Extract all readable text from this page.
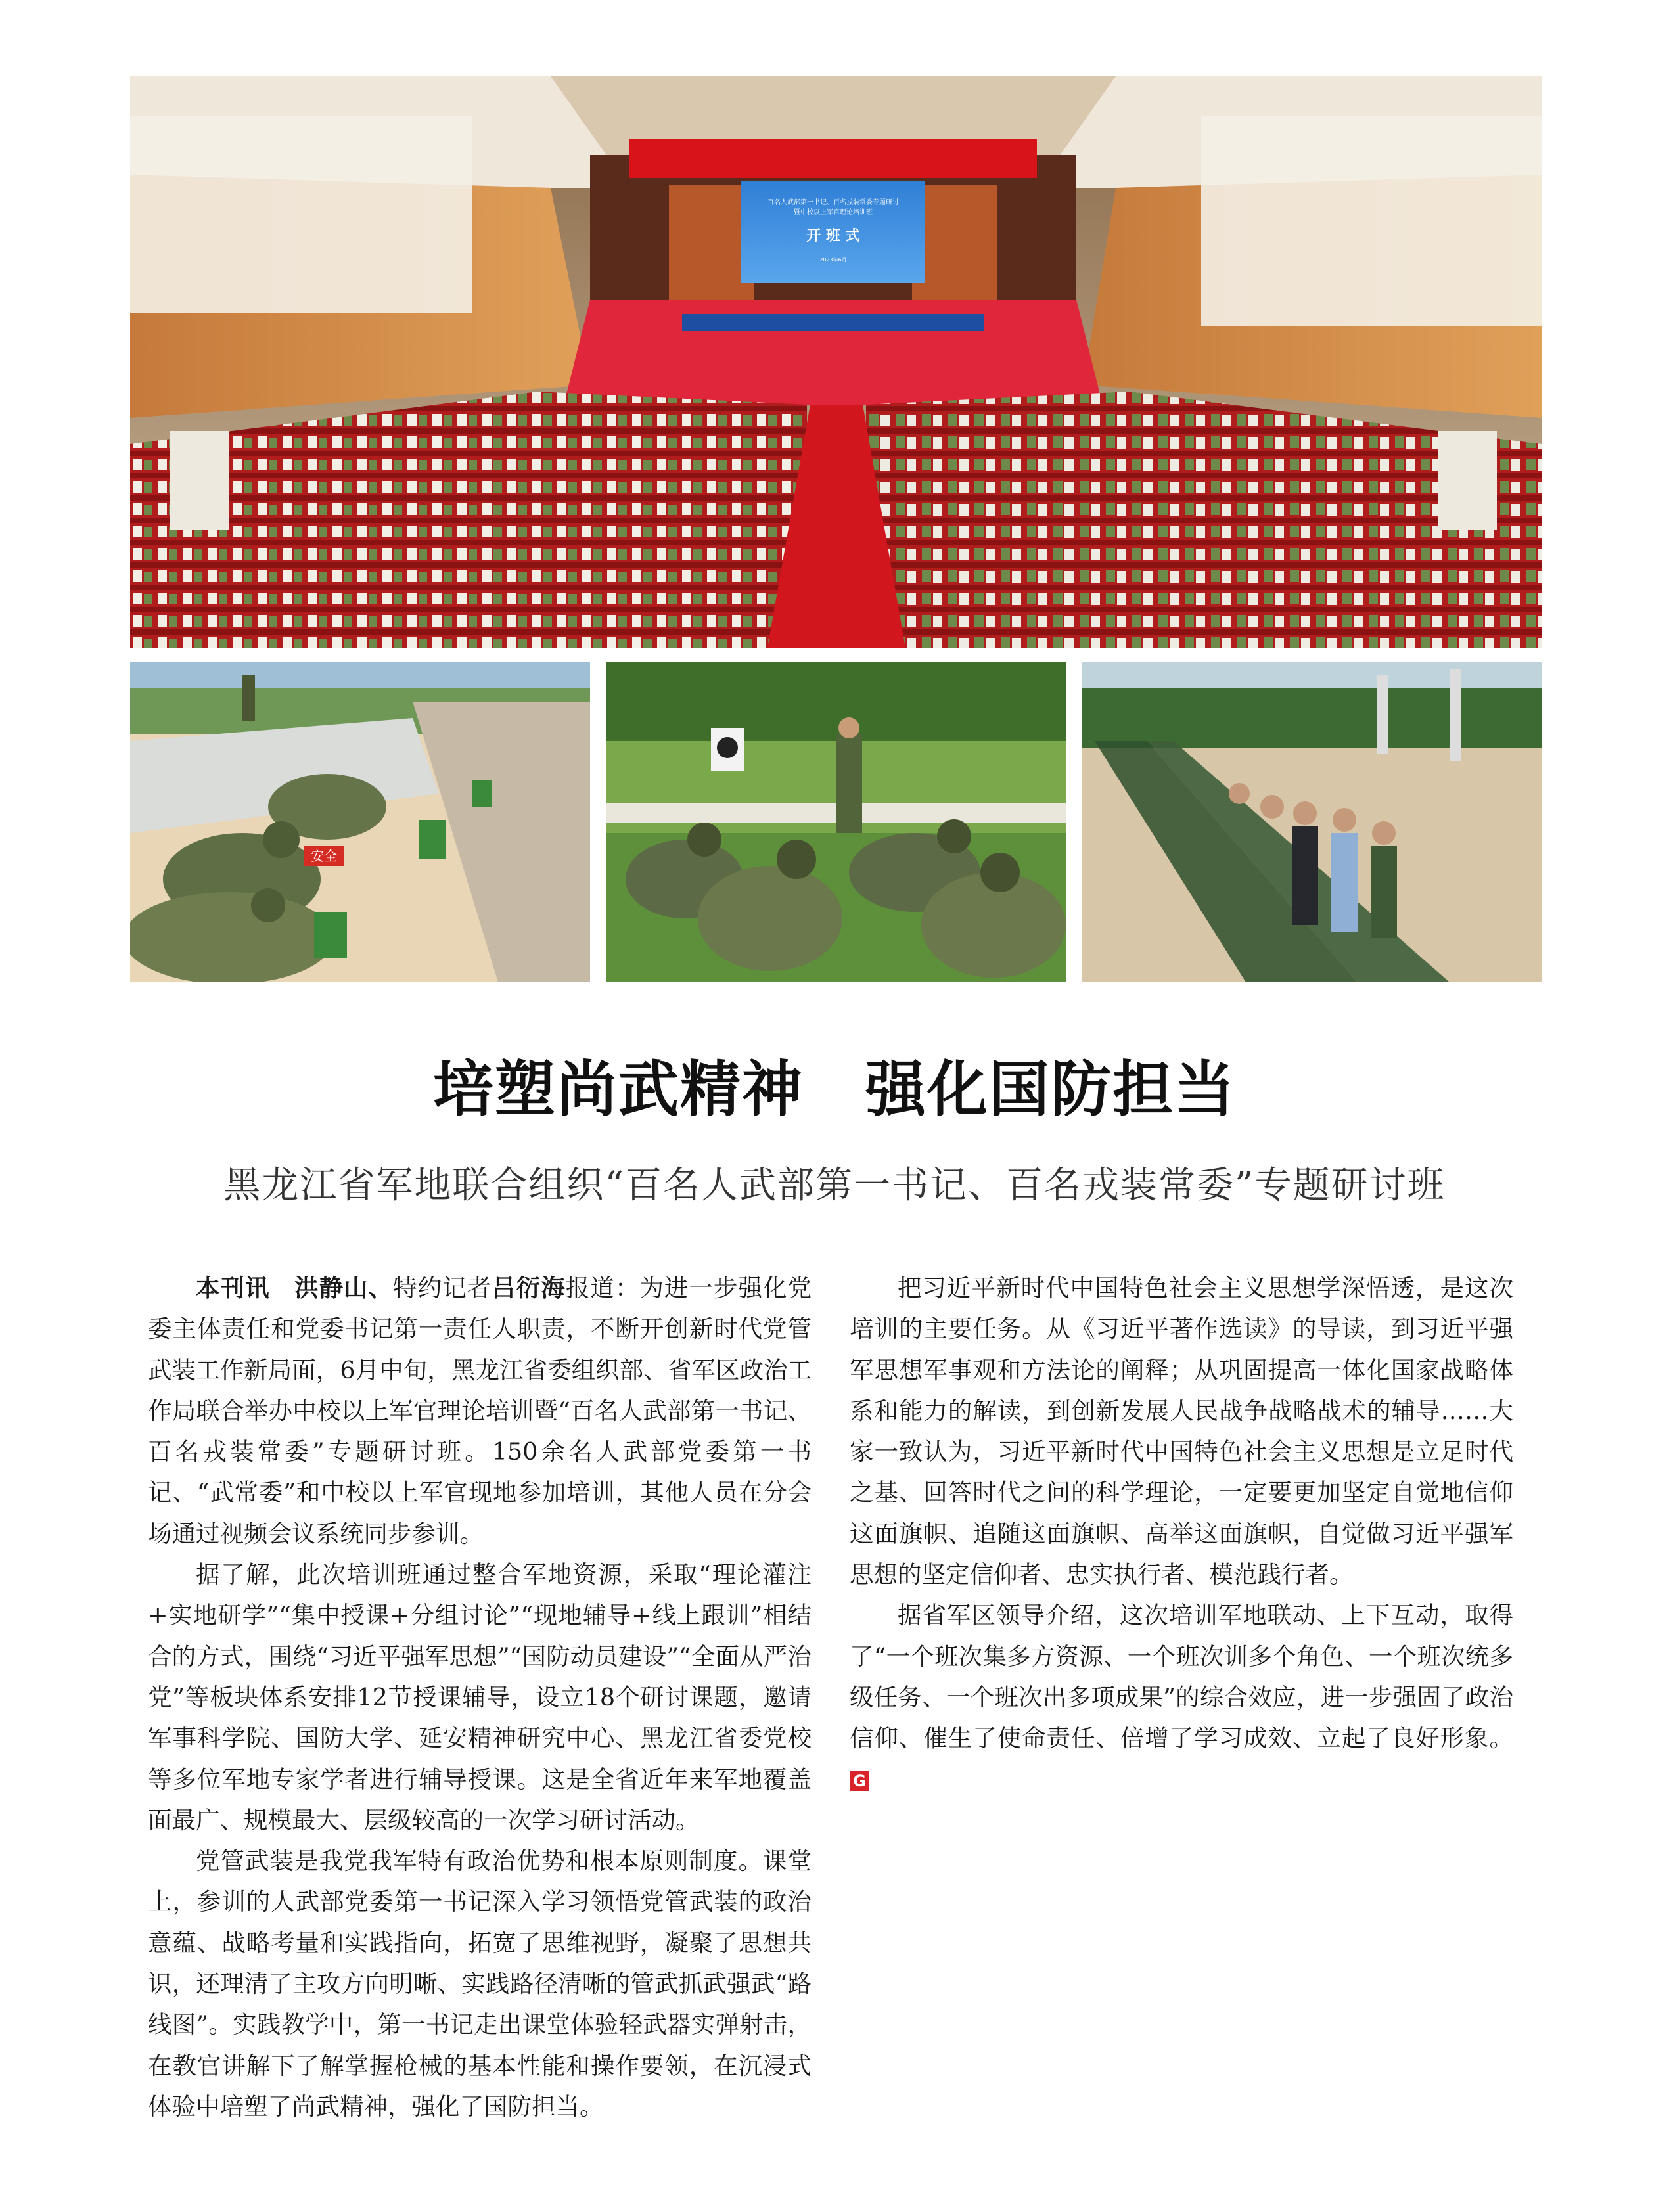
百名人武部第一书记、百名戎装常委专题研讨
暨中校以上军官理论培训班
开 班 式
2023年6月
安全
培塑尚武精神　强化国防担当
黑龙江省军地联合组织“百名人武部第一书记、百名戎装常委”专题研讨班

本刊讯　洪静山、特约记者吕衍海报道：为进一步强化党委主体责任和党委书记第一责任人职责，不断开创新时代党管武装工作新局面，6月中旬，黑龙江省委组织部、省军区政治工作局联合举办中校以上军官理论培训暨“百名人武部第一书记、百名戎装常委”专题研讨班。150余名人武部党委第一书记、“武常委”和中校以上军官现地参加培训，其他人员在分会场通过视频会议系统同步参训。

据了解，此次培训班通过整合军地资源，采取“理论灌注+实地研学”“集中授课+分组讨论”“现地辅导+线上跟训”相结合的方式，围绕“习近平强军思想”“国防动员建设”“全面从严治党”等板块体系安排12节授课辅导，设立18个研讨课题，邀请军事科学院、国防大学、延安精神研究中心、黑龙江省委党校等多位军地专家学者进行辅导授课。这是全省近年来军地覆盖面最广、规模最大、层级较高的一次学习研讨活动。

党管武装是我党我军特有政治优势和根本原则制度。课堂上，参训的人武部党委第一书记深入学习领悟党管武装的政治意蕴、战略考量和实践指向，拓宽了思维视野，凝聚了思想共识，还理清了主攻方向明晰、实践路径清晰的管武抓武强武“路线图”。实践教学中，第一书记走出课堂体验轻武器实弹射击，在教官讲解下了解掌握枪械的基本性能和操作要领，在沉浸式体验中培塑了尚武精神，强化了国防担当。

把习近平新时代中国特色社会主义思想学深悟透，是这次培训的主要任务。从《习近平著作选读》的导读，到习近平强军思想军事观和方法论的阐释；从巩固提高一体化国家战略体系和能力的解读，到创新发展人民战争战略战术的辅导……大家一致认为，习近平新时代中国特色社会主义思想是立足时代之基、回答时代之问的科学理论，一定要更加坚定自觉地信仰这面旗帜、追随这面旗帜、高举这面旗帜，自觉做习近平强军思想的坚定信仰者、忠实执行者、模范践行者。

据省军区领导介绍，这次培训军地联动、上下互动，取得了“一个班次集多方资源、一个班次训多个角色、一个班次统多级任务、一个班次出多项成果”的综合效应，进一步强固了政治信仰、催生了使命责任、倍增了学习成效、立起了良好形象。G
